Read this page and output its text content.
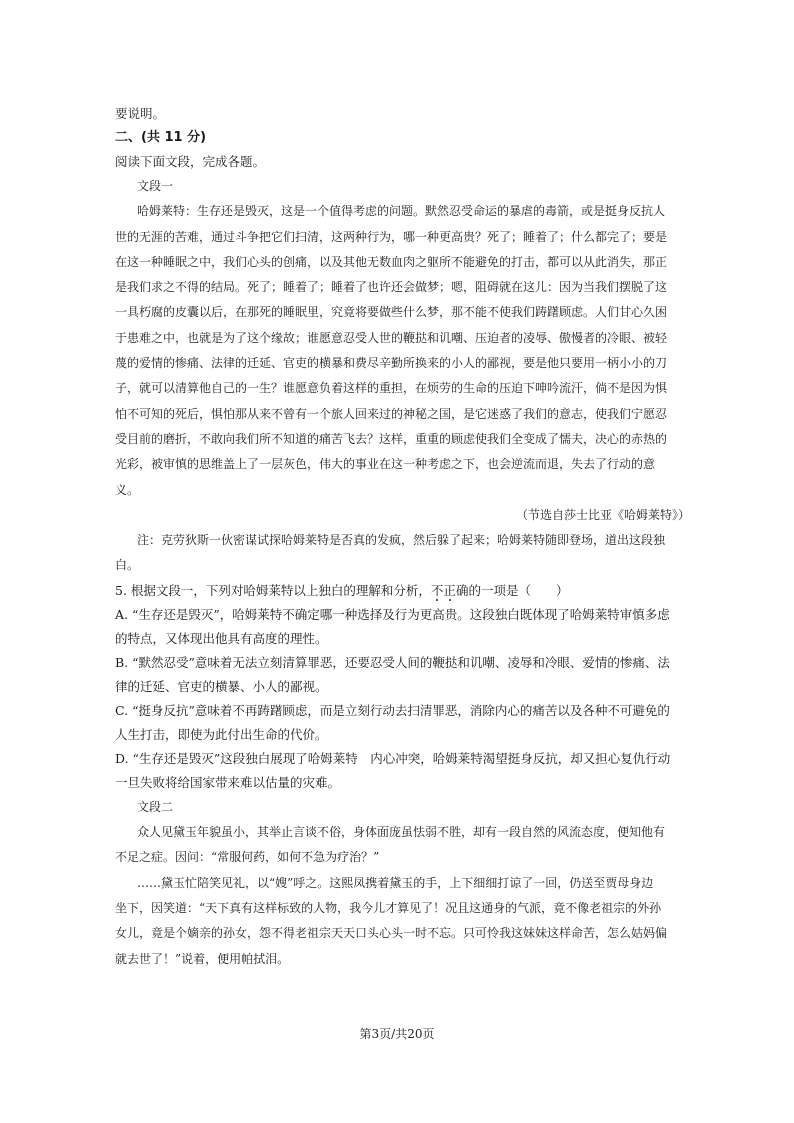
要说明。
二、(共 11 分)
阅读下面文段，完成各题。
文段一
哈姆莱特：生存还是毁灭，这是一个值得考虑的问题。默然忍受命运的暴虐的毒箭，或是挺身反抗人
世的无涯的苦难，通过斗争把它们扫清，这两种行为，哪一种更高贵？死了；睡着了；什么都完了；要是
在这一种睡眠之中，我们心头的创痛，以及其他无数血肉之躯所不能避免的打击，都可以从此消失，那正
是我们求之不得的结局。死了；睡着了；睡着了也许还会做梦；嗯，阻碍就在这儿：因为当我们摆脱了这
一具朽腐的皮囊以后，在那死的睡眠里，究竟将要做些什么梦，那不能不使我们踌躇顾虑。人们甘心久困
于患难之中，也就是为了这个缘故；谁愿意忍受人世的鞭挞和讥嘲、压迫者的凌辱、傲慢者的冷眼、被轻
蔑的爱情的惨痛、法律的迁延、官吏的横暴和费尽辛勤所换来的小人的鄙视，要是他只要用一柄小小的刀
子，就可以清算他自己的一生？谁愿意负着这样的重担，在烦劳的生命的压迫下呻吟流汗，倘不是因为惧
怕不可知的死后，惧怕那从来不曾有一个旅人回来过的神秘之国，是它迷惑了我们的意志，使我们宁愿忍
受目前的磨折，不敢向我们所不知道的痛苦飞去？这样，重重的顾虑使我们全变成了懦夫，决心的赤热的
光彩，被审慎的思维盖上了一层灰色，伟大的事业在这一种考虑之下，也会逆流而退，失去了行动的意
义。
（节选自莎士比亚《哈姆莱特》）
注：克劳狄斯一伙密谋试探哈姆莱特是否真的发疯，然后躲了起来；哈姆莱特随即登场，道出这段独
白。
5. 根据文段一，下列对哈姆莱特以上独白的理解和分析，不正确的一项是（　　）
A. “生存还是毁灭”，哈姆莱特不确定哪一种选择及行为更高贵。这段独白既体现了哈姆莱特审慎多虑
的特点，又体现出他具有高度的理性。
B. “默然忍受”意味着无法立刻清算罪恶，还要忍受人间的鞭挞和讥嘲、凌辱和冷眼、爱情的惨痛、法
律的迁延、官吏的横暴、小人的鄙视。
C. “挺身反抗”意味着不再踌躇顾虑，而是立刻行动去扫清罪恶，消除内心的痛苦以及各种不可避免的
人生打击，即使为此付出生命的代价。
D. “生存还是毁灭”这段独白展现了哈姆莱特　内心冲突，哈姆莱特渴望挺身反抗，却又担心复仇行动
一旦失败将给国家带来难以估量的灾难。
文段二
众人见黛玉年貌虽小，其举止言谈不俗，身体面庞虽怯弱不胜，却有一段自然的风流态度，便知他有
不足之症。因问：“常服何药，如何不急为疗治？”
……黛玉忙陪笑见礼，以“嫂”呼之。这熙凤携着黛玉的手，上下细细打谅了一回，仍送至贾母身边
坐下，因笑道：“天下真有这样标致的人物，我今儿才算见了！况且这通身的气派，竟不像老祖宗的外孙
女儿，竟是个嫡亲的孙女，怨不得老祖宗天天口头心头一时不忘。只可怜我这妹妹这样命苦，怎么姑妈偏
就去世了！”说着，便用帕拭泪。
第3页/共20页
